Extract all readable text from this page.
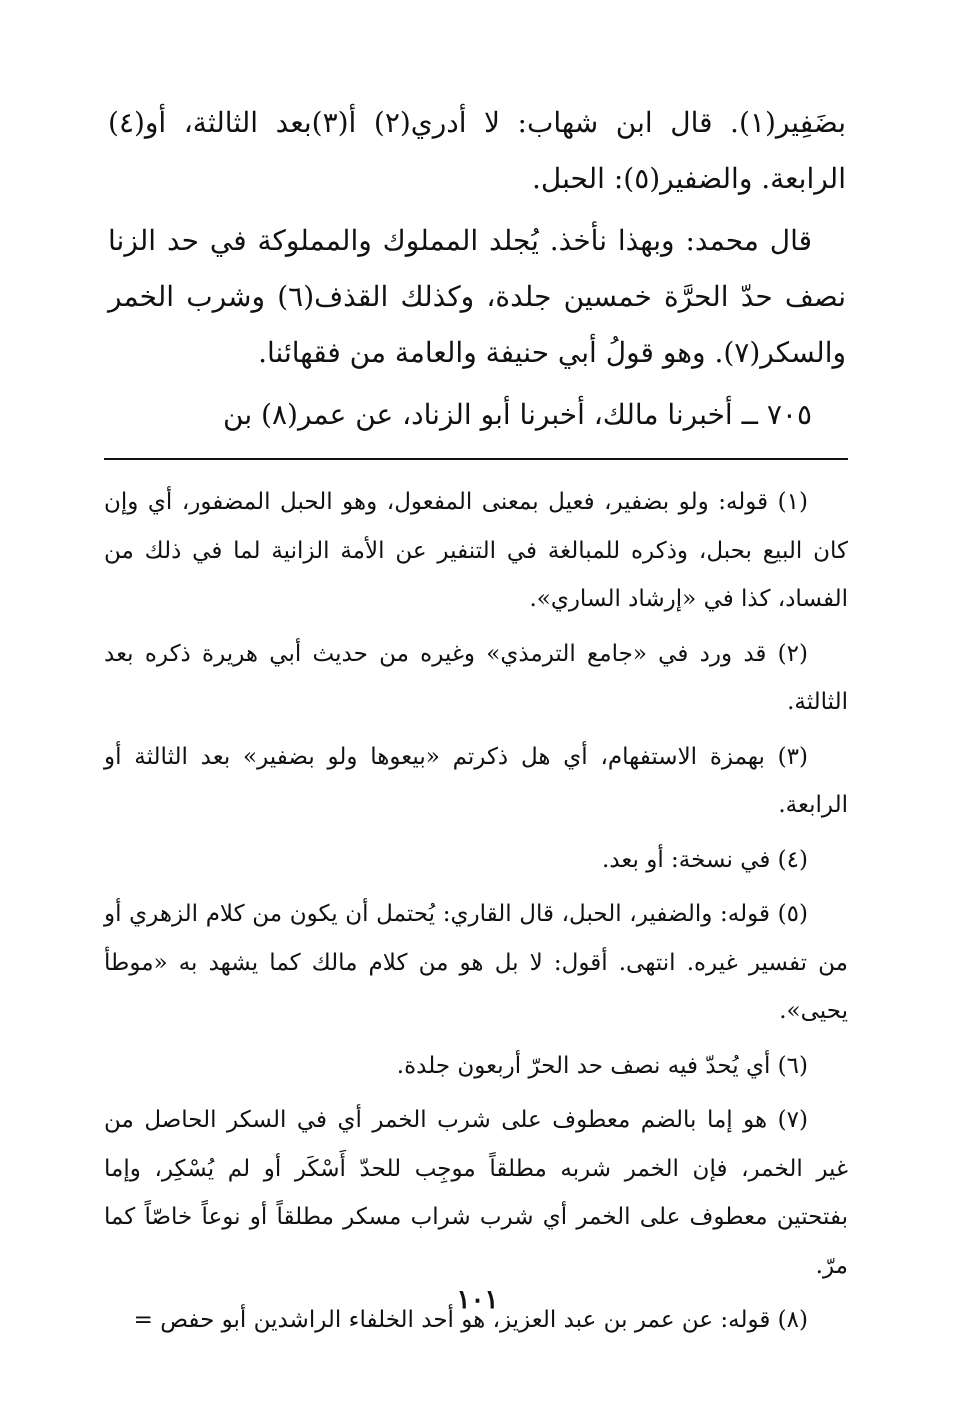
بضَفِير(١). قال ابن شهاب: لا أدري(٢) أ(٣)بعد الثالثة، أو(٤) الرابعة. والضفير(٥): الحبل.

قال محمد: وبهذا نأخذ. يُجلد المملوك والمملوكة في حد الزنا نصف حدّ الحرَّة خمسين جلدة، وكذلك القذف(٦) وشرب الخمر والسكر(٧). وهو قولُ أبي حنيفة والعامة من فقهائنا.

٧٠٥ ــ أخبرنا مالك، أخبرنا أبو الزناد، عن عمر(٨) بن

(١) قوله: ولو بضفير، فعيل بمعنى المفعول، وهو الحبل المضفور، أي وإن كان البيع بحبل، وذكره للمبالغة في التنفير عن الأمة الزانية لما في ذلك من الفساد، كذا في «إرشاد الساري».

(٢) قد ورد في «جامع الترمذي» وغيره من حديث أبي هريرة ذكره بعد الثالثة.

(٣) بهمزة الاستفهام، أي هل ذكرتم «بيعوها ولو بضفير» بعد الثالثة أو الرابعة.

(٤) في نسخة: أو بعد.

(٥) قوله: والضفير، الحبل، قال القاري: يُحتمل أن يكون من كلام الزهري أو من تفسير غيره. انتهى. أقول: لا بل هو من كلام مالك كما يشهد به «موطأ يحيى».

(٦) أي يُحدّ فيه نصف حد الحرّ أربعون جلدة.

(٧) هو إما بالضم معطوف على شرب الخمر أي في السكر الحاصل من غير الخمر، فإن الخمر شربه مطلقاً موجِب للحدّ أَسْكَر أو لم يُسْكِر، وإما بفتحتين معطوف على الخمر أي شرب شراب مسكر مطلقاً أو نوعاً خاصّاً كما مرّ.

(٨) قوله: عن عمر بن عبد العزيز، هو أحد الخلفاء الراشدين أبو حفص =

١٠١
